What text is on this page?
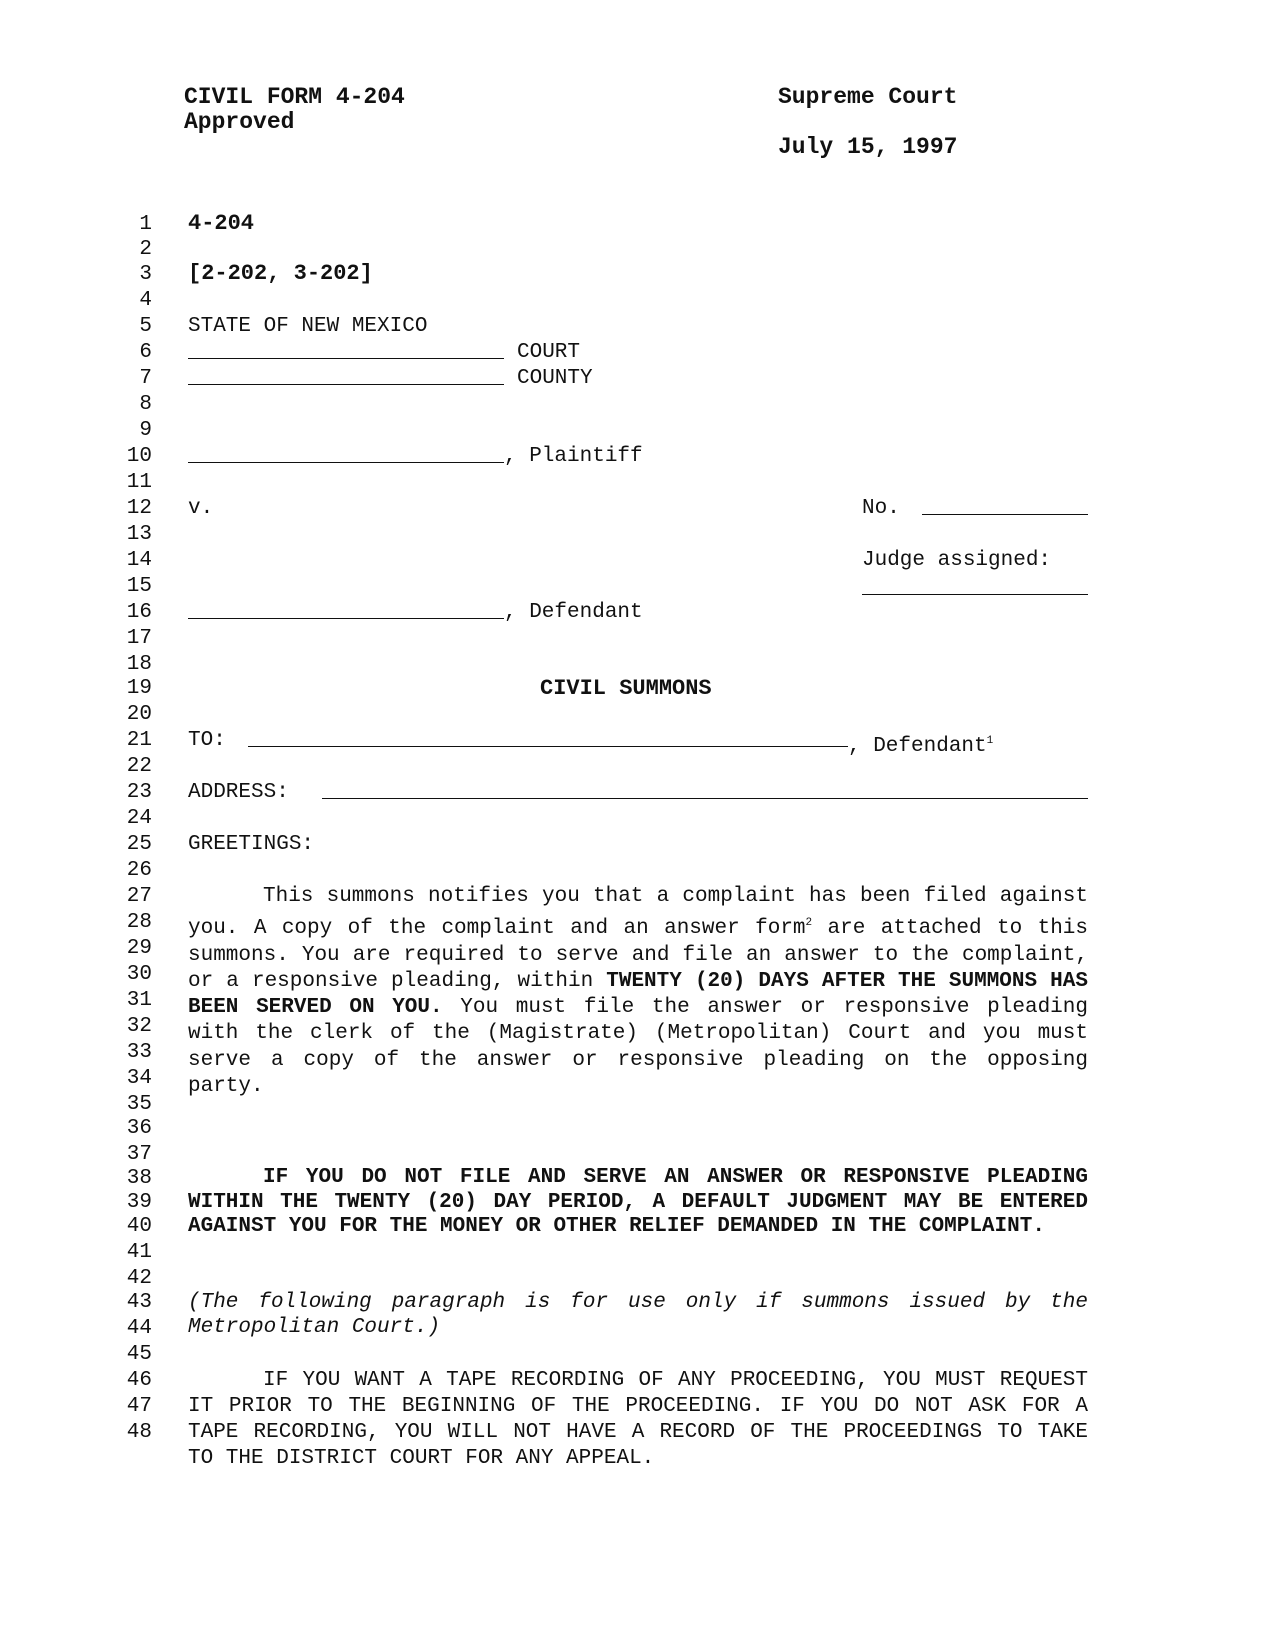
CIVIL FORM 4-204
Approved
Supreme Court
July 15, 1997
1
2
3
4
5
6
7
8
9
10
11
12
13
14
15
16
17
18
19
20
21
22
23
24
25
26
27
28
29
30
31
32
33
34
35
36
37
38
39
40
41
42
43
44
45
46
47
48
4-204
[2-202, 3-202]
STATE OF NEW MEXICO
COURT
COUNTY
, Plaintiff
v.	No.
Judge assigned:
, Defendant
CIVIL SUMMONS
TO:	, Defendant$^1$
ADDRESS:
GREETINGS:

This summons notifies you that a complaint has been filed against you. A copy of the complaint and an answer form$^2$ are attached to this summons. You are required to serve and file an answer to the complaint, or a responsive pleading, within TWENTY (20) DAYS AFTER THE SUMMONS HAS BEEN SERVED ON YOU. You must file the answer or responsive pleading with the clerk of the (Magistrate) (Metropolitan) Court and you must serve a copy of the answer or responsive pleading on the opposing party.

IF YOU DO NOT FILE AND SERVE AN ANSWER OR RESPONSIVE PLEADING WITHIN THE TWENTY (20) DAY PERIOD, A DEFAULT JUDGMENT MAY BE ENTERED AGAINST YOU FOR THE MONEY OR OTHER RELIEF DEMANDED IN THE COMPLAINT.

(The following paragraph is for use only if summons issued by the Metropolitan Court.)

IF YOU WANT A TAPE RECORDING OF ANY PROCEEDING, YOU MUST REQUEST IT PRIOR TO THE BEGINNING OF THE PROCEEDING. IF YOU DO NOT ASK FOR A TAPE RECORDING, YOU WILL NOT HAVE A RECORD OF THE PROCEEDINGS TO TAKE TO THE DISTRICT COURT FOR ANY APPEAL.
